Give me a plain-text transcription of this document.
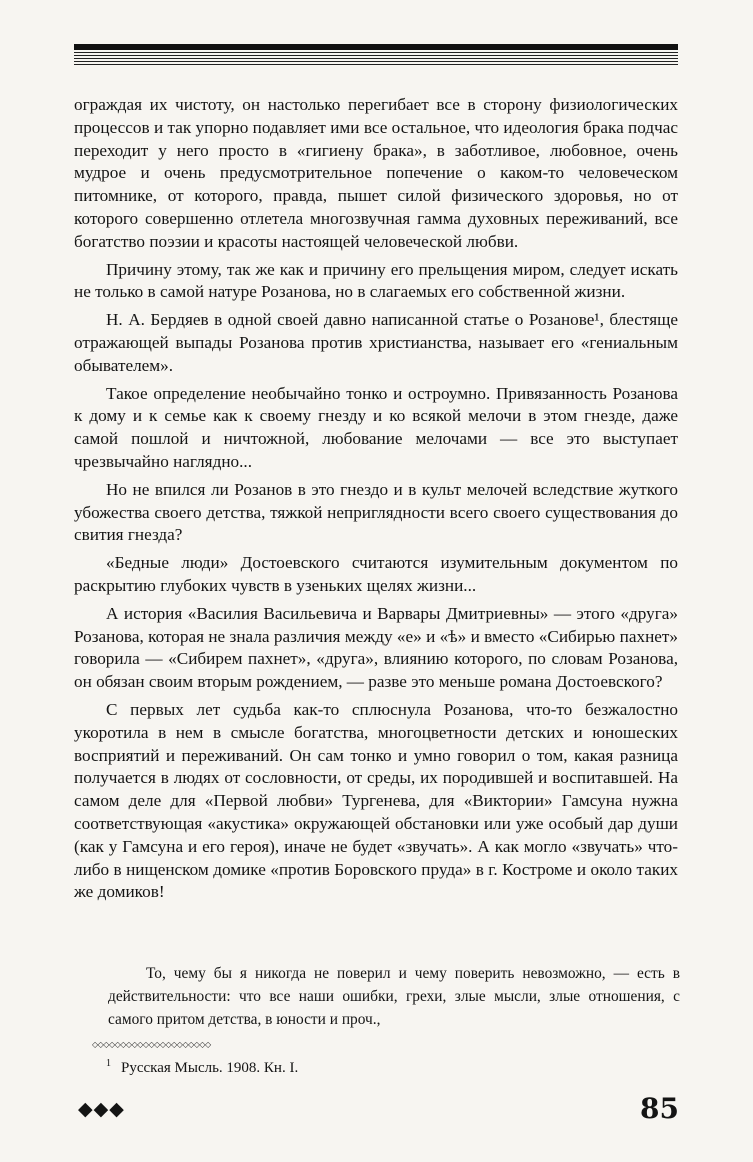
ограждая их чистоту, он настолько перегибает все в сторону физиологических процессов и так упорно подавляет ими все остальное, что идеология брака подчас переходит у него просто в «гигиену брака», в заботливое, любовное, очень мудрое и очень предусмотрительное попечение о каком-то человеческом питомнике, от которого, правда, пышет силой физического здоровья, но от которого совершенно отлетела многозвучная гамма духовных переживаний, все богатство поэзии и красоты настоящей человеческой любви.

Причину этому, так же как и причину его прельщения миром, следует искать не только в самой натуре Розанова, но в слагаемых его собственной жизни.

Н. А. Бердяев в одной своей давно написанной статье о Розанове¹, блестяще отражающей выпады Розанова против христианства, называет его «гениальным обывателем».

Такое определение необычайно тонко и остроумно. Привязанность Розанова к дому и к семье как к своему гнезду и ко всякой мелочи в этом гнезде, даже самой пошлой и ничтожной, любование мелочами — все это выступает чрезвычайно наглядно...

Но не впился ли Розанов в это гнездо и в культ мелочей вследствие жуткого убожества своего детства, тяжкой неприглядности всего своего существования до свития гнезда?

«Бедные люди» Достоевского считаются изумительным документом по раскрытию глубоких чувств в узеньких щелях жизни...

А история «Василия Васильевича и Варвары Дмитриевны» — этого «друга» Розанова, которая не знала различия между «е» и «ѣ» и вместо «Сибирью пахнет» говорила — «Сибирем пахнет», «друга», влиянию которого, по словам Розанова, он обязан своим вторым рождением, — разве это меньше романа Достоевского?

С первых лет судьба как-то сплюснула Розанова, что-то безжалостно укоротила в нем в смысле богатства, многоцветности детских и юношеских восприятий и переживаний. Он сам тонко и умно говорил о том, какая разница получается в людях от сословности, от среды, их породившей и воспитавшей. На самом деле для «Первой любви» Тургенева, для «Виктории» Гамсуна нужна соответствующая «акустика» окружающей обстановки или уже особый дар души (как у Гамсуна и его героя), иначе не будет «звучать». А как могло «звучать» что-либо в нищенском домике «против Боровского пруда» в г. Костроме и около таких же домиков!

То, чему бы я никогда не поверил и чему поверить невозможно, — есть в действительности: что все наши ошибки, грехи, злые мысли, злые отношения, с самого притом детства, в юности и проч.,
◇◇◇◇◇◇◇◇◇◇◇◇◇◇◇◇◇◇◇◇◇
$^1$ Русская Мысль. 1908. Кн. I.
◆◆◆	85
